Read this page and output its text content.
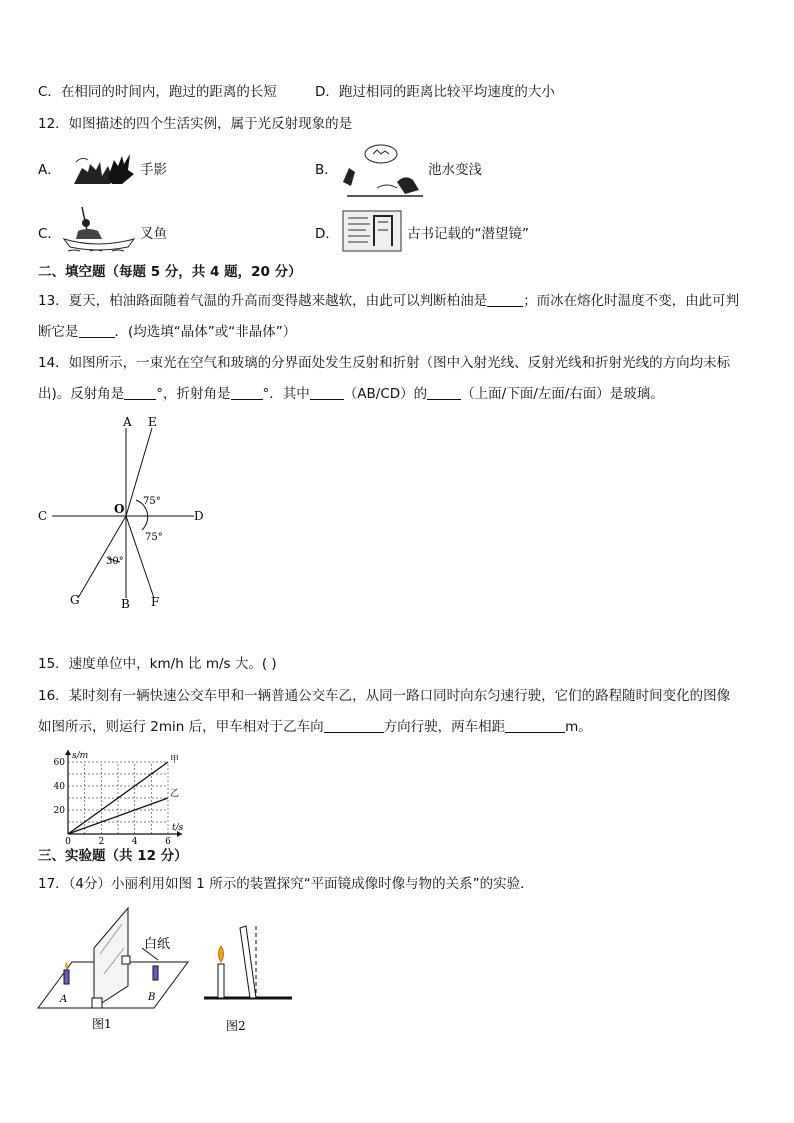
C．在相同的时间内，跑过的距离的长短	D．跑过相同的距离比较平均速度的大小
12．如图描述的四个生活实例，属于光反射现象的是
A．	手影	B．	池水变浅
C．	叉鱼	D．	古书记载的“潜望镜”
二、填空题（每题 5 分，共 4 题，20 分）
13．夏天，柏油路面随着气温的升高而变得越来越软，由此可以判断柏油是	；而冰在熔化时温度不变，由此可判
断它是	．(均选填“晶体”或“非晶体”）
14．如图所示，一束光在空气和玻璃的分界面处发生反射和折射（图中入射光线、反射光线和折射光线的方向均未标
出)。反射角是 °，折射角是 °．其中	（AB/CD）的	（上面/下面/左面/右面）是玻璃。
A E
C	D
O
75°
75°
30°
G	B F
15．速度单位中，km/h 比 m/s 大。( )
16．某时刻有一辆快速公交车甲和一辆普通公交车乙，从同一路口同时向东匀速行驶，它们的路程随时间变化的图像
如图所示，则运行 2min 后，甲车相对于乙车向	方向行驶，两车相距	m。
20
40
60
0	2	4	6
s/m
t/s
甲
乙
三、实验题（共 12 分）
17．（4分）小丽利用如图 1 所示的装置探究“平面镜成像时像与物的关系”的实验．
白纸
A	B
图1	图2
